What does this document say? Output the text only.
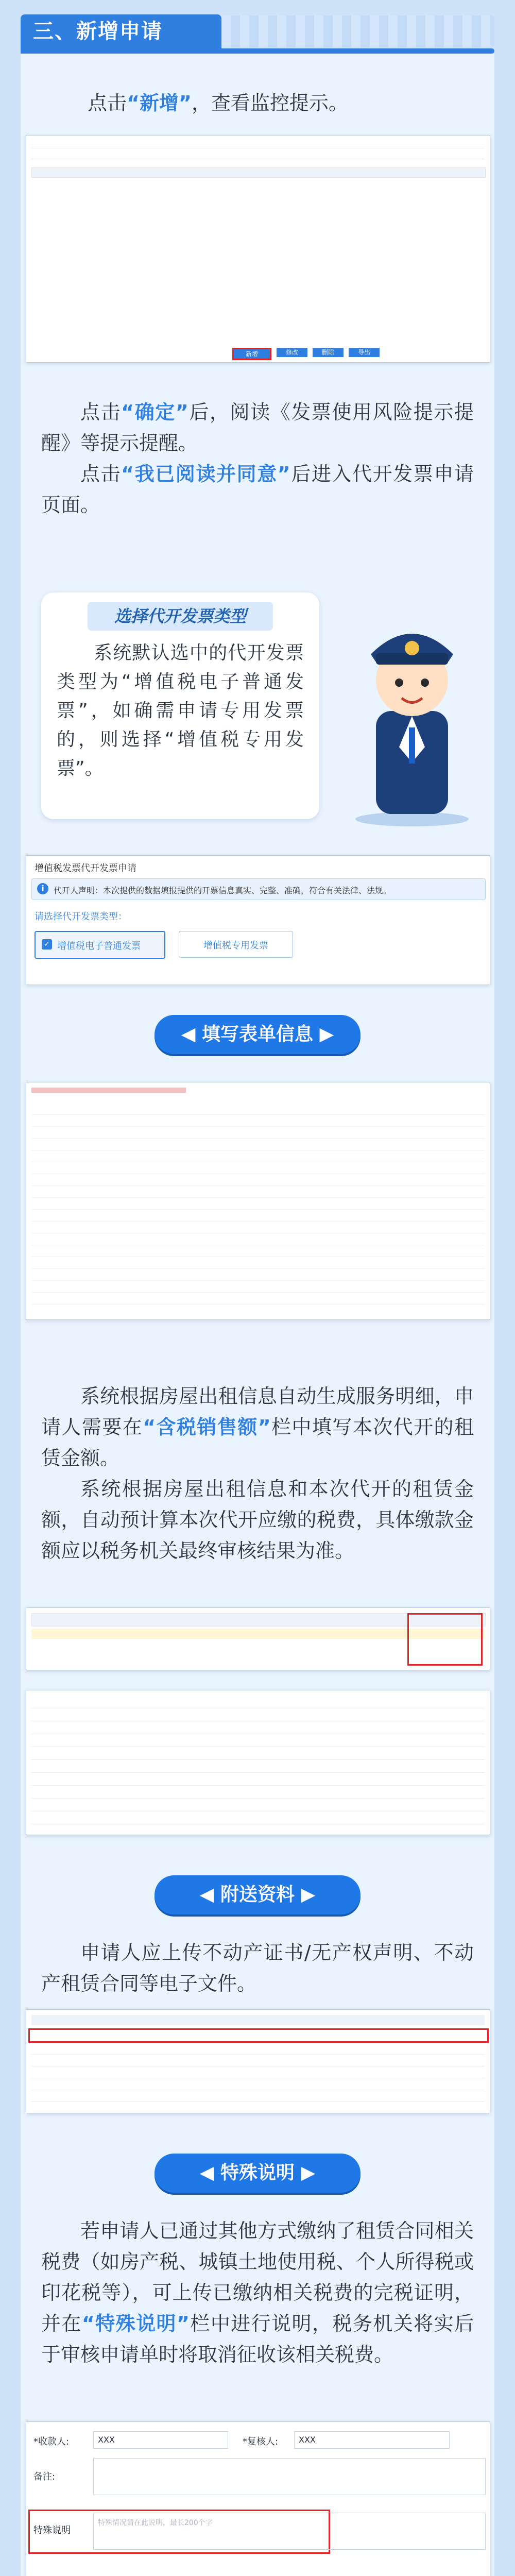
三、新增申请
点击“新增”，查看监控提示。
新增	修改	删除	导出
点击“确定”后，阅读《发票使用风险提示提醒》等提示提醒。
点击“我已阅读并同意”后进入代开发票申请页面。
选择代开发票类型
系统默认选中的代开发票类型为“增值税电子普通发票”，如确需申请专用发票的，则选择“增值税专用发票”。
增值税发票代开发票申请
i	代开人声明：本次提供的数据填报提供的开票信息真实、完整、准确，符合有关法律、法规。
请选择代开发票类型：
✓ 增值税电子普通发票	增值税专用发票
◀ 填写表单信息 ▶
系统根据房屋出租信息自动生成服务明细，申请人需要在“含税销售额”栏中填写本次代开的租赁金额。
系统根据房屋出租信息和本次代开的租赁金额，自动预计算本次代开应缴的税费，具体缴款金额应以税务机关最终审核结果为准。
◀ 附送资料 ▶
申请人应上传不动产证书/无产权声明、不动产租赁合同等电子文件。
◀ 特殊说明 ▶
若申请人已通过其他方式缴纳了租赁合同相关税费（如房产税、城镇土地使用税、个人所得税或印花税等），可上传已缴纳相关税费的完税证明，并在“特殊说明”栏中进行说明，税务机关将实后于审核申请单时将取消征收该相关税费。
*收款人:	XXX	*复核人: XXX
备注:
特殊说明
特殊情况请在此说明，最长200个字
